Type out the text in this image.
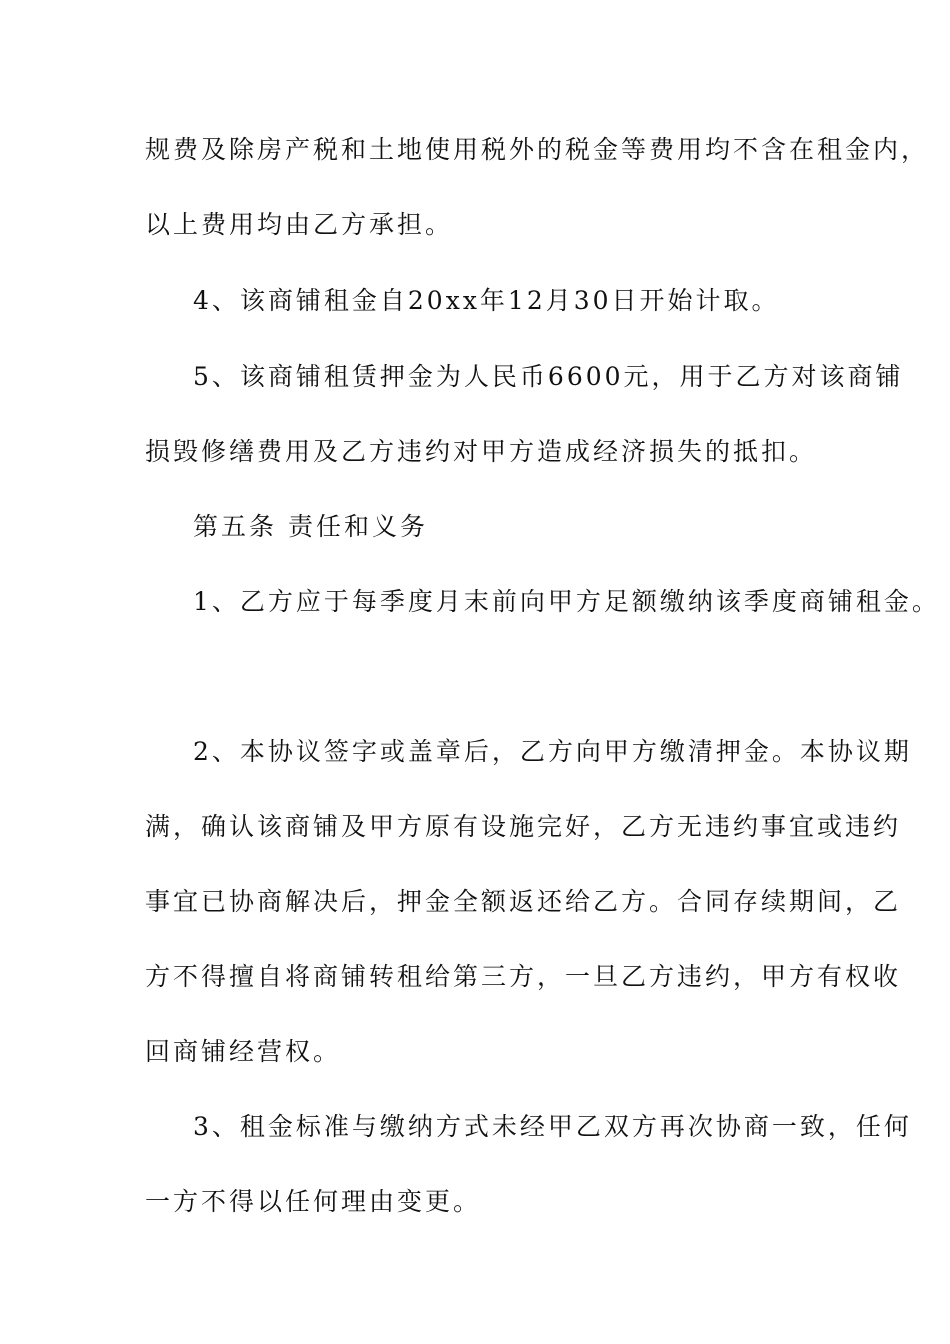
规费及除房产税和土地使用税外的税金等费用均不含在租金内，
以上费用均由乙方承担。
4、该商铺租金自20xx年12月30日开始计取。
5、该商铺租赁押金为人民币6600元，用于乙方对该商铺
损毁修缮费用及乙方违约对甲方造成经济损失的抵扣。
第五条 责任和义务
1、乙方应于每季度月末前向甲方足额缴纳该季度商铺租金。
2、本协议签字或盖章后，乙方向甲方缴清押金。本协议期
满，确认该商铺及甲方原有设施完好，乙方无违约事宜或违约
事宜已协商解决后，押金全额返还给乙方。合同存续期间，乙
方不得擅自将商铺转租给第三方，一旦乙方违约，甲方有权收
回商铺经营权。
3、租金标准与缴纳方式未经甲乙双方再次协商一致，任何
一方不得以任何理由变更。
